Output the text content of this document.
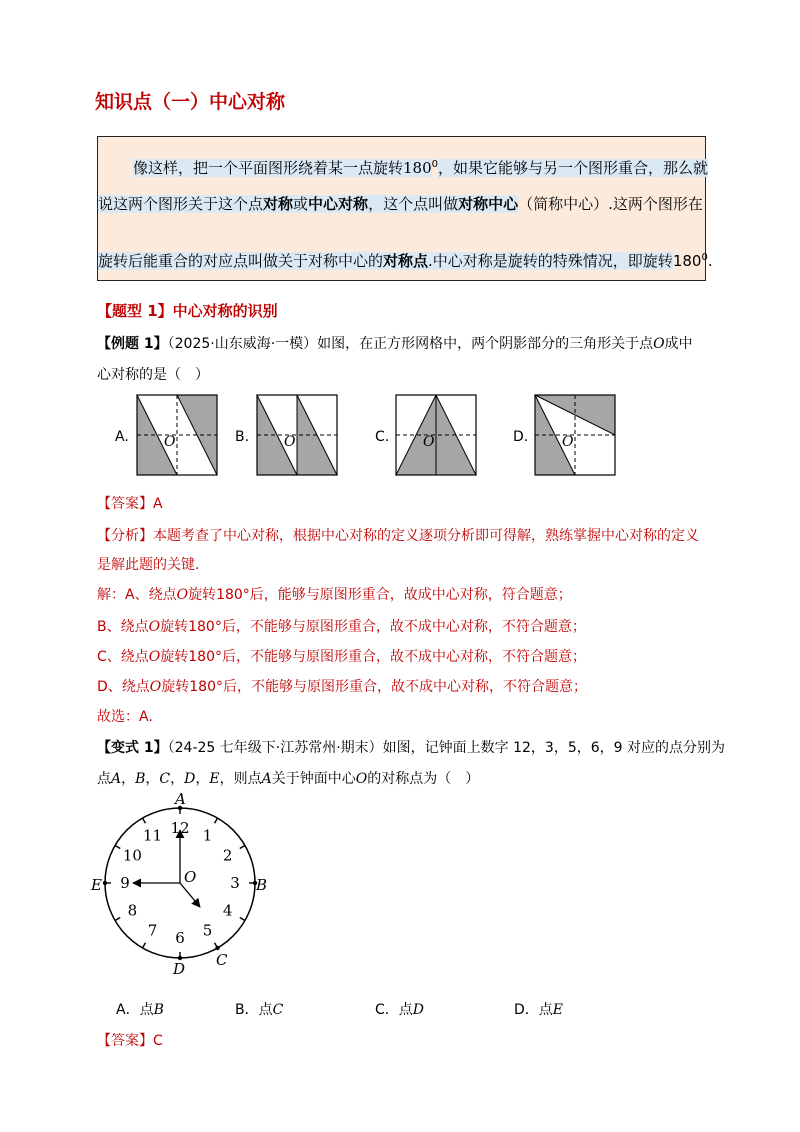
知识点（一）中心对称
像这样，把一个平面图形绕着某一点旋转$180^0$，如果它能够与另一个图形重合，那么就
说这两个图形关于这个点对称或中心对称，这个点叫做对称中心（简称中心）.这两个图形在
旋转后能重合的对应点叫做关于对称中心的对称点.中心对称是旋转的特殊情况，即旋转$180^0$.
【题型 1】中心对称的识别
【例题 1】（2025·山东威海·一模）如图，在正方形网格中，两个阴影部分的三角形关于点O成中
心对称的是（　）
A.	B.	C.	D.
O	O	O	O
【答案】A
【分析】本题考查了中心对称，根据中心对称的定义逐项分析即可得解，熟练掌握中心对称的定义
是解此题的关键.
解：A、绕点O旋转180°后，能够与原图形重合，故成中心对称，符合题意；
B、绕点O旋转180°后，不能够与原图形重合，故不成中心对称，不符合题意；
C、绕点O旋转180°后，不能够与原图形重合，故不成中心对称，不符合题意；
D、绕点O旋转180°后，不能够与原图形重合，故不成中心对称，不符合题意；
故选：A.
【变式 1】（24-25 七年级下·江苏常州·期末）如图，记钟面上数字 12，3，5，6，9 对应的点分别为
点A，B，C，D，E，则点A关于钟面中心O的对称点为（　）
12 1
2
3
4
5
6
7
8
9
10
11
O
A
B
C
D
E
A．点B	B．点C	C．点D	D．点E
【答案】C
